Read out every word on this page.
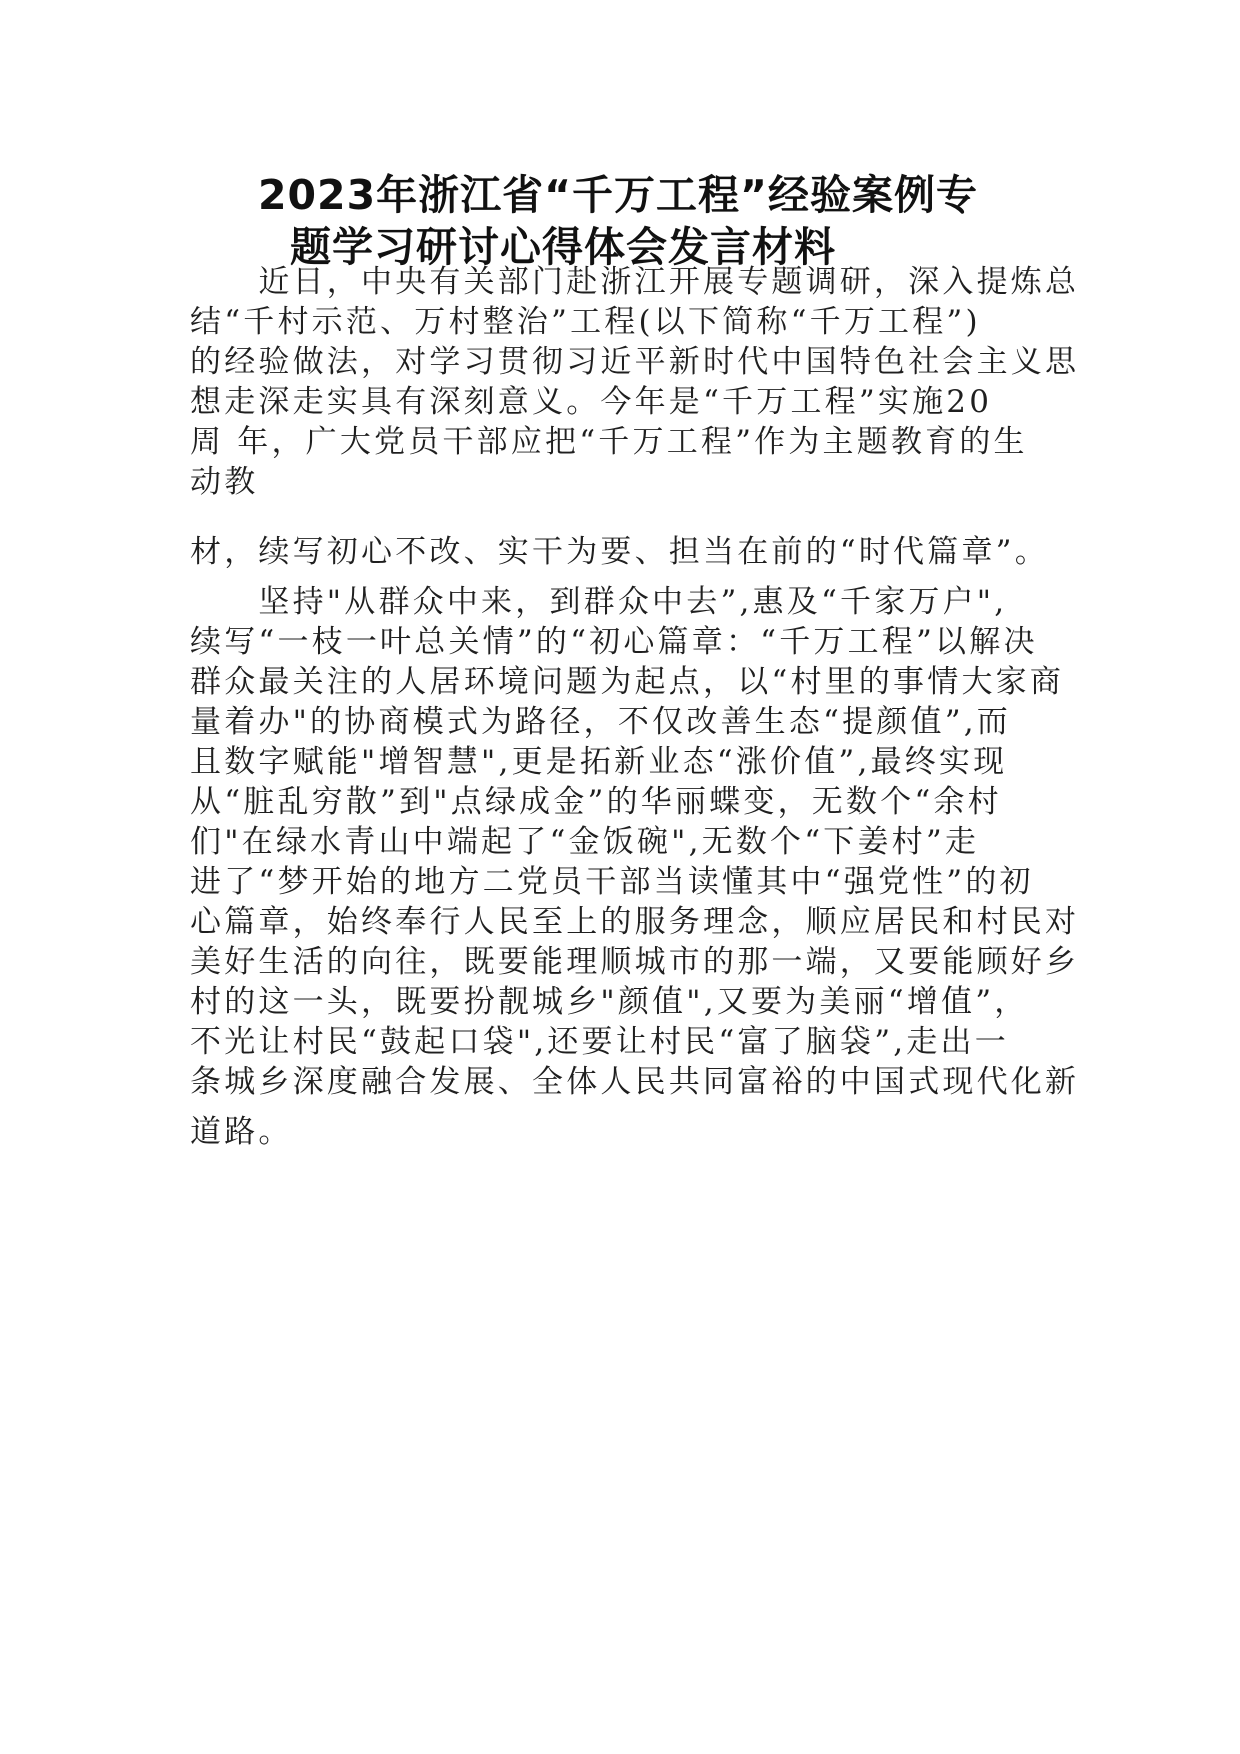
2023年浙江省“千万工程”经验案例专
题学习研讨心得体会发言材料
　　近日，中央有关部门赴浙江开展专题调研，深入提炼总
结“千村示范、万村整治”工程(以下简称“千万工程”)
的经验做法，对学习贯彻习近平新时代中国特色社会主义思
想走深走实具有深刻意义。今年是“千万工程”实施20
周 年，广大党员干部应把“千万工程”作为主题教育的生
动教
材，续写初心不改、实干为要、担当在前的“时代篇章”。
　　坚持"从群众中来，到群众中去”,惠及“千家万户",
续写“一枝一叶总关情”的“初心篇章：“千万工程”以解决
群众最关注的人居环境问题为起点，以“村里的事情大家商
量着办"的协商模式为路径，不仅改善生态“提颜值”,而
且数字赋能"增智慧",更是拓新业态“涨价值”,最终实现
从“脏乱穷散”到"点绿成金”的华丽蝶变，无数个“余村
们"在绿水青山中端起了“金饭碗",无数个“下姜村”走
进了“梦开始的地方二党员干部当读懂其中“强党性”的初
心篇章，始终奉行人民至上的服务理念，顺应居民和村民对
美好生活的向往，既要能理顺城市的那一端，又要能顾好乡
村的这一头，既要扮靓城乡"颜值",又要为美丽“增值”，
不光让村民“鼓起口袋",还要让村民“富了脑袋”,走出一
条城乡深度融合发展、全体人民共同富裕的中国式现代化新
道路。
